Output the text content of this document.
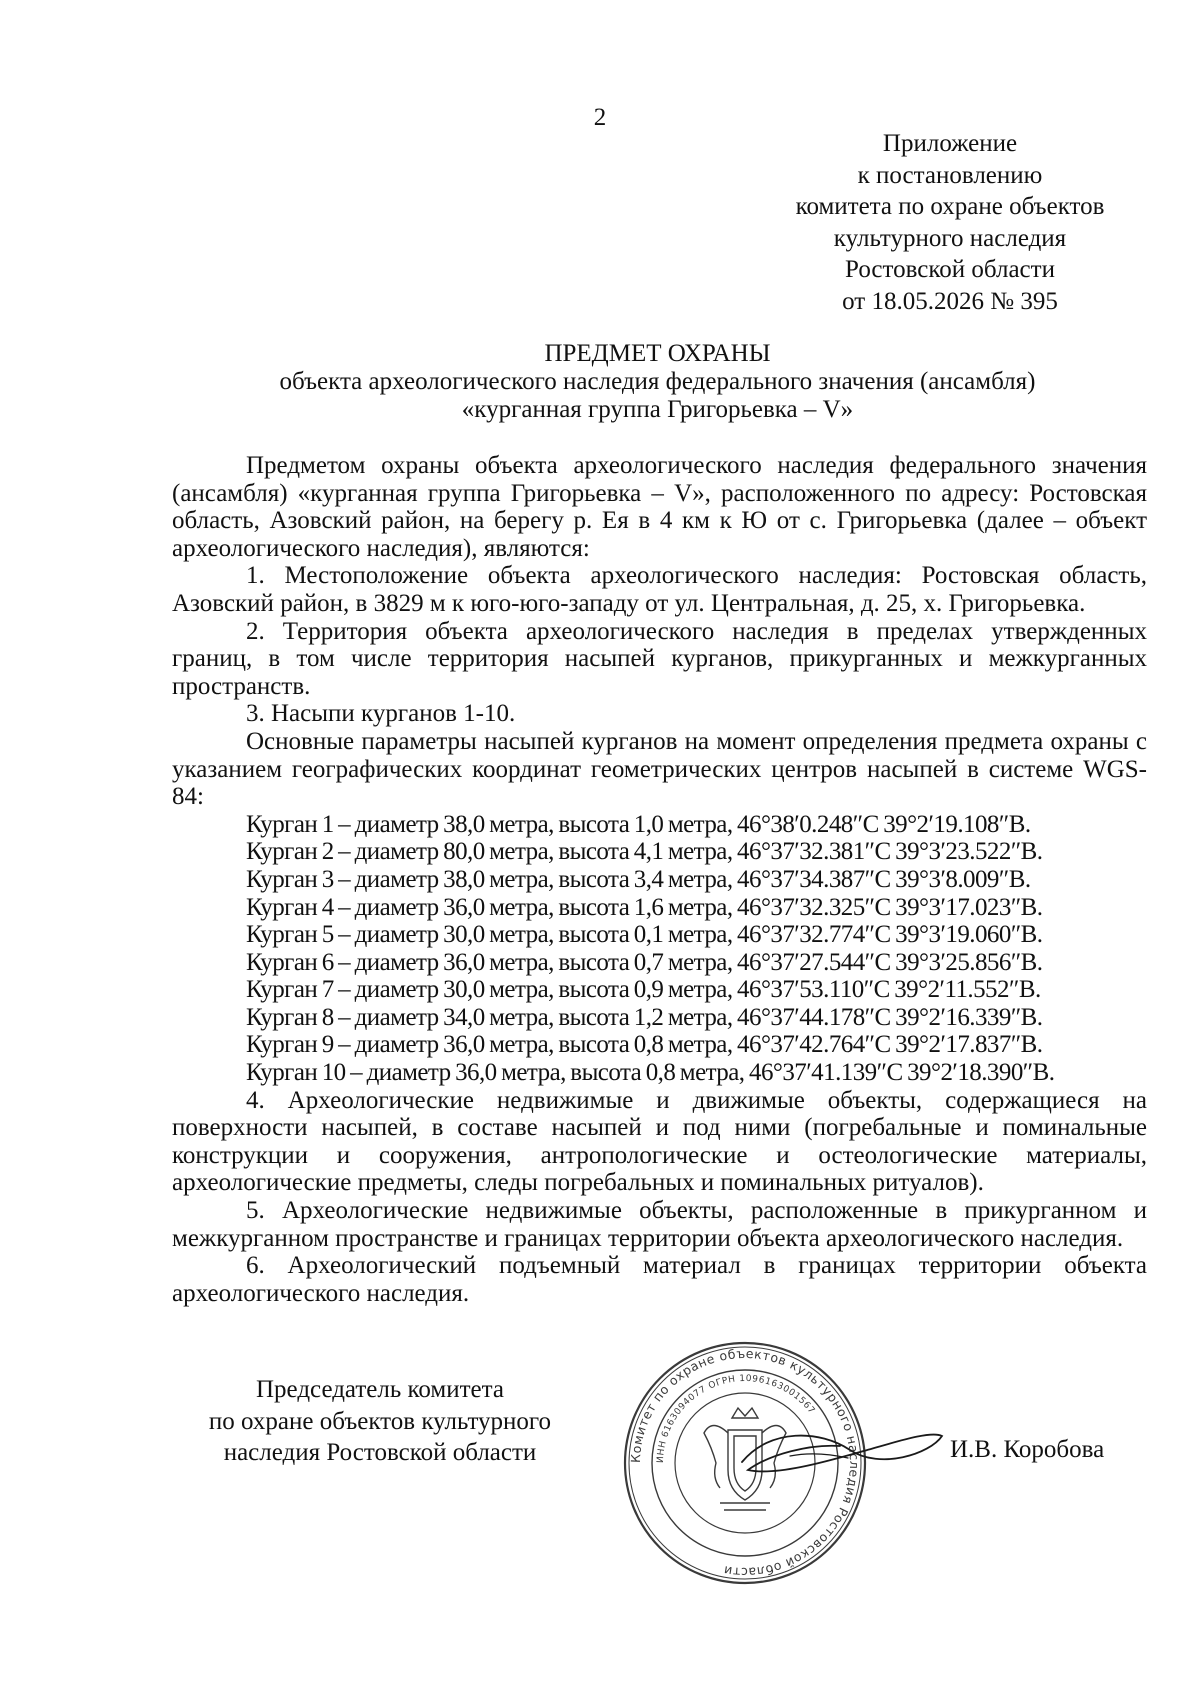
2
Приложение
к постановлению
комитета по охране объектов
культурного наследия
Ростовской области
от 18.05.2026 № 395
ПРЕДМЕТ ОХРАНЫ
объекта археологического наследия федерального значения (ансамбля)
«курганная группа Григорьевка – V»

Предметом охраны объекта археологического наследия федерального значения (ансамбля) «курганная группа Григорьевка – V», расположенного по адресу: Ростовская область, Азовский район, на берегу р. Ея в 4 км к Ю от с. Григорьевка (далее – объект археологического наследия), являются:

1. Местоположение объекта археологического наследия: Ростовская область, Азовский район, в 3829 м к юго-юго-западу от ул. Центральная, д. 25, х. Григорьевка.

2. Территория объекта археологического наследия в пределах утвержденных границ, в том числе территория насыпей курганов, прикурганных и межкурганных пространств.

3. Насыпи курганов 1-10.

Основные параметры насыпей курганов на момент определения предмета охраны с указанием географических координат геометрических центров насыпей в системе WGS-84:

Курган 1 – диаметр 38,0 метра, высота 1,0 метра, 46°38′0.248″С 39°2′19.108″В.
Курган 2 – диаметр 80,0 метра, высота 4,1 метра, 46°37′32.381″С 39°3′23.522″В.
Курган 3 – диаметр 38,0 метра, высота 3,4 метра, 46°37′34.387″С 39°3′8.009″В.
Курган 4 – диаметр 36,0 метра, высота 1,6 метра, 46°37′32.325″С 39°3′17.023″В.
Курган 5 – диаметр 30,0 метра, высота 0,1 метра, 46°37′32.774″С 39°3′19.060″В.
Курган 6 – диаметр 36,0 метра, высота 0,7 метра, 46°37′27.544″С 39°3′25.856″В.
Курган 7 – диаметр 30,0 метра, высота 0,9 метра, 46°37′53.110″С 39°2′11.552″В.
Курган 8 – диаметр 34,0 метра, высота 1,2 метра, 46°37′44.178″С 39°2′16.339″В.
Курган 9 – диаметр 36,0 метра, высота 0,8 метра, 46°37′42.764″С 39°2′17.837″В.
Курган 10 – диаметр 36,0 метра, высота 0,8 метра, 46°37′41.139″С 39°2′18.390″В.

4. Археологические недвижимые и движимые объекты, содержащиеся на поверхности насыпей, в составе насыпей и под ними (погребальные и поминальные конструкции и сооружения, антропологические и остеологические материалы, археологические предметы, следы погребальных и поминальных ритуалов).

5. Археологические недвижимые объекты, расположенные в прикурганном и межкурганном пространстве и границах территории объекта археологического наследия.

6. Археологический подъемный материал в границах территории объекта археологического наследия.

Председатель комитета
по охране объектов культурного
наследия Ростовской области	Комитет по охране объектов культурного наследия Ростовской области
ИНН 6163094077 ОГРН 1096163001567
И.В. Коробова
